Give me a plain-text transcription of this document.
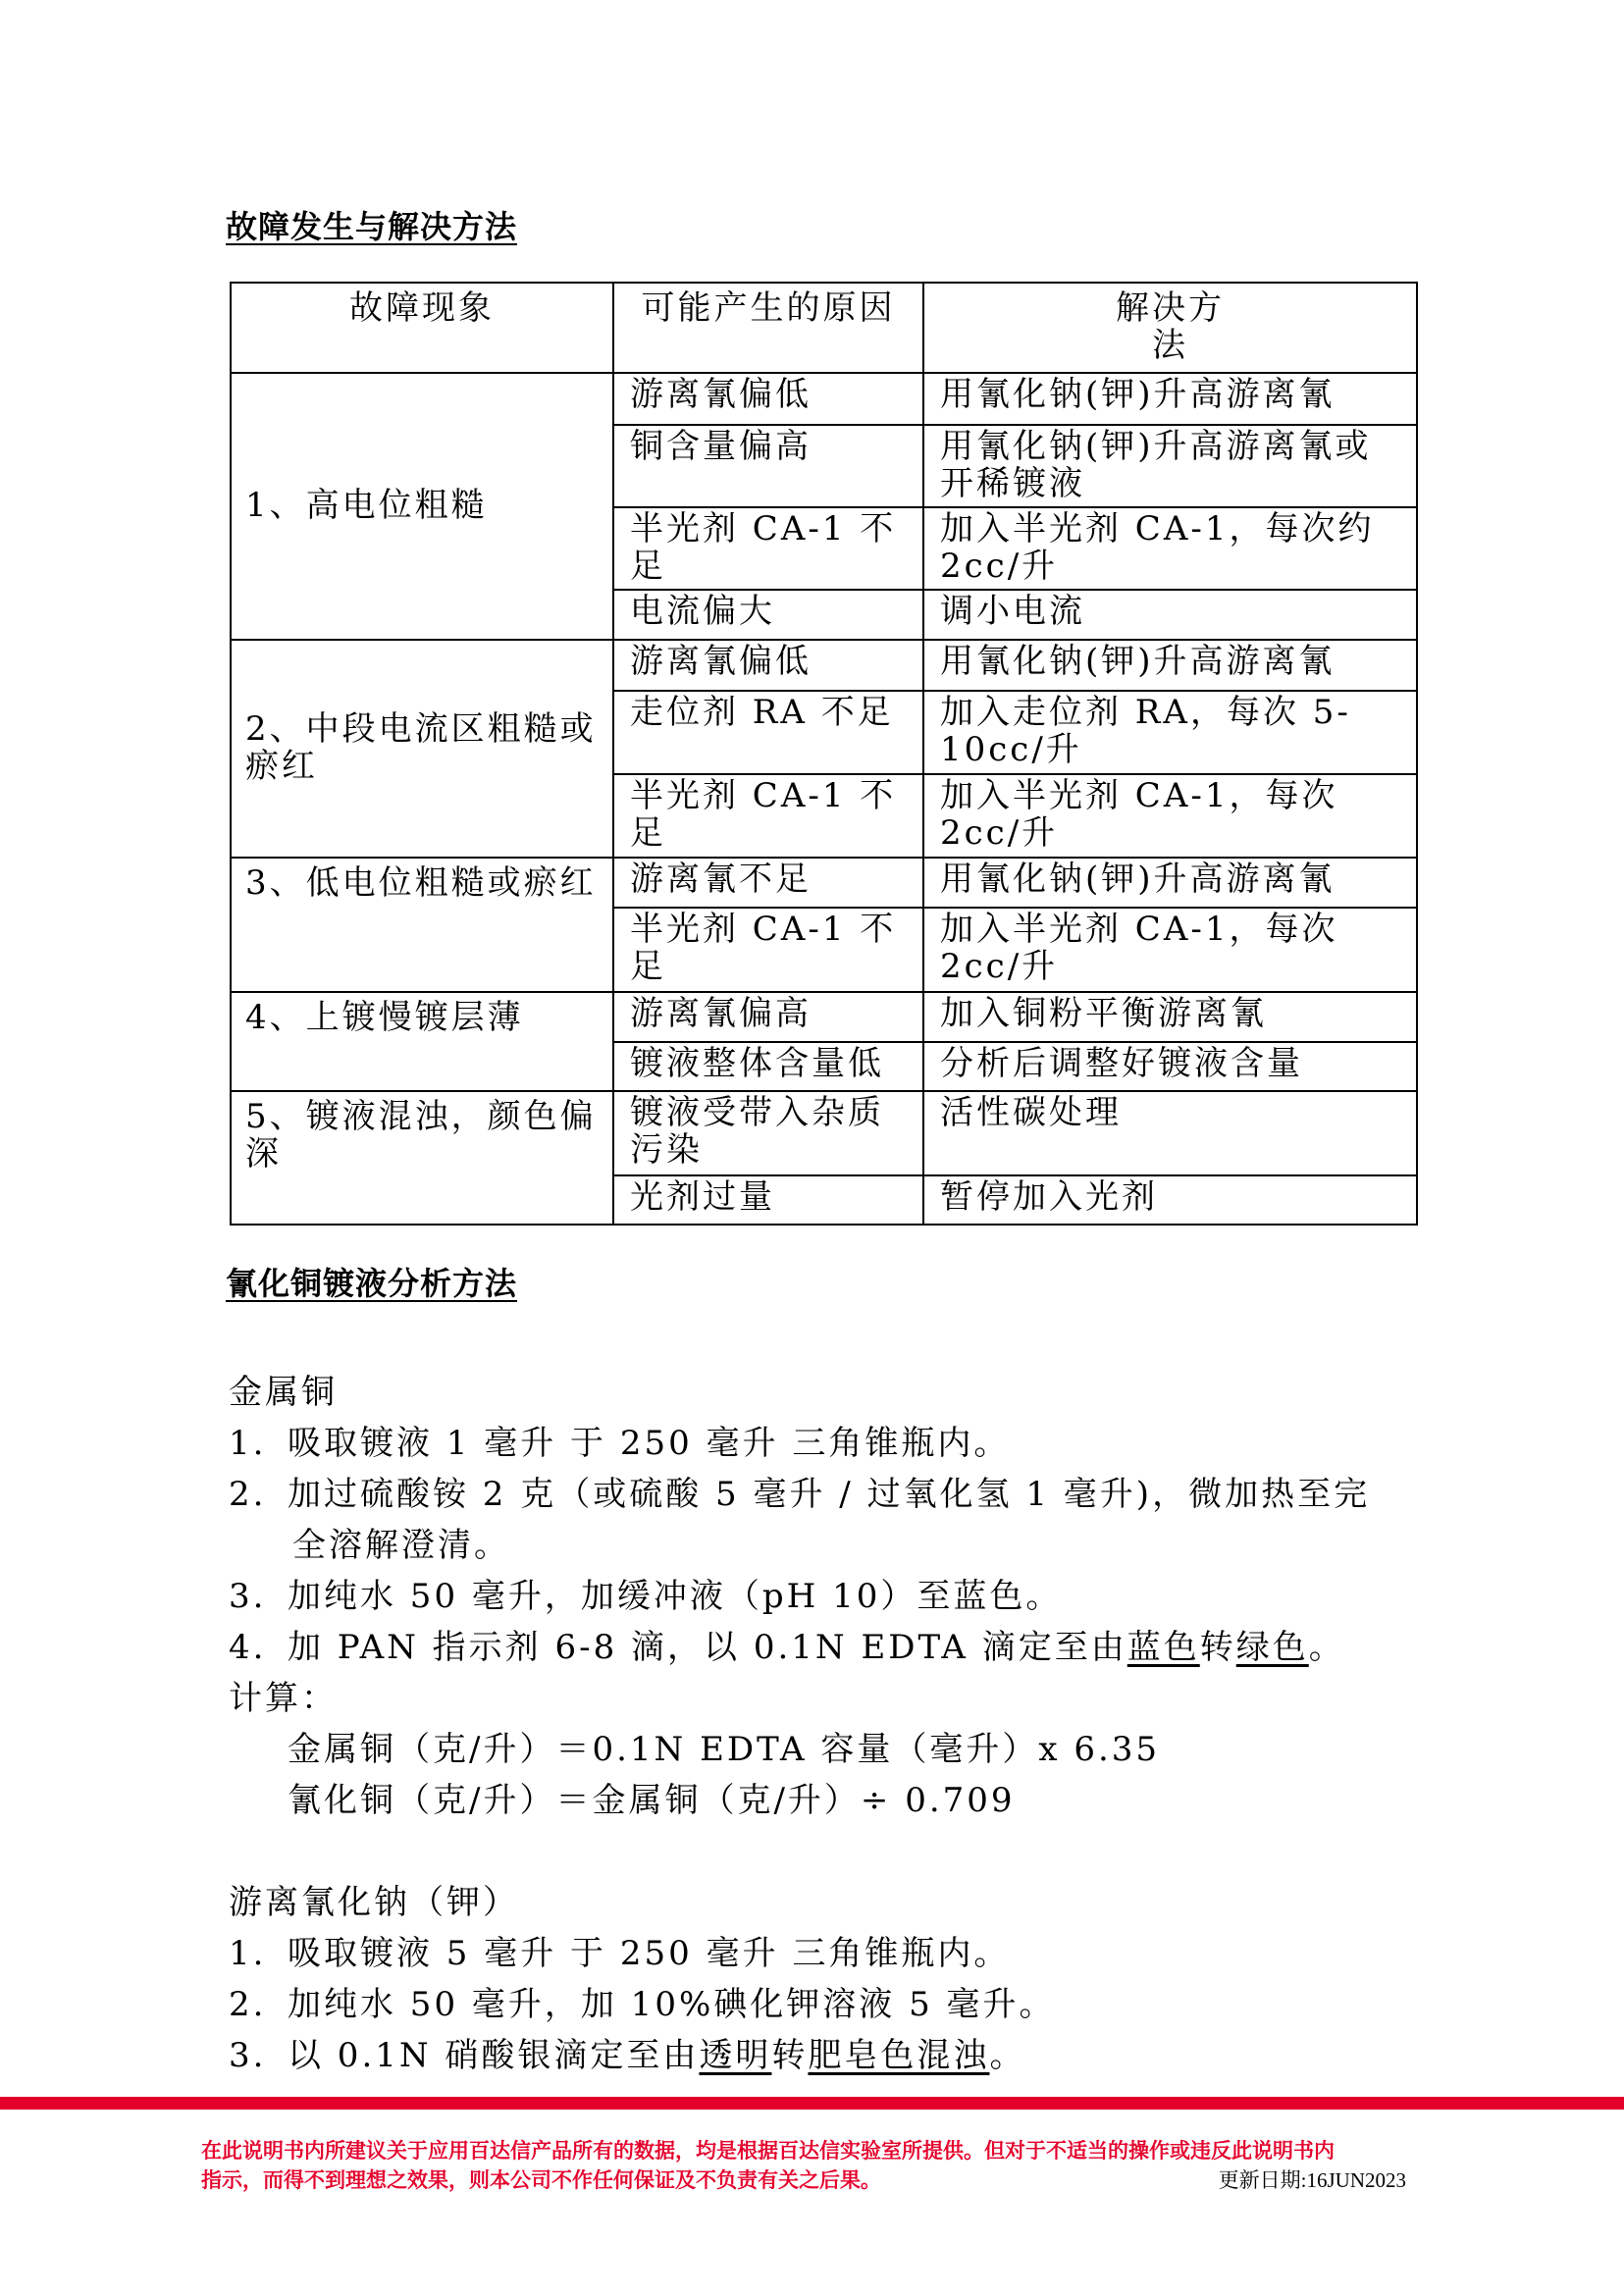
故障发生与解决方法
故障现象	可能产生的原因	解决方
法
1、高电位粗糙	游离氰偏低	用氰化钠(钾)升高游离氰
	铜含量偏高	用氰化钠(钾)升高游离氰或开稀镀液
	半光剂 CA-1 不足	加入半光剂 CA-1，每次约 2cc/升
	电流偏大	调小电流
2、中段电流区粗糙或瘀红	游离氰偏低	用氰化钠(钾)升高游离氰
	走位剂 RA 不足	加入走位剂 RA，每次 5-10cc/升
	半光剂 CA-1 不足	加入半光剂 CA-1，每次 2cc/升
3、低电位粗糙或瘀红	游离氰不足	用氰化钠(钾)升高游离氰
	半光剂 CA-1 不足	加入半光剂 CA-1，每次 2cc/升
4、上镀慢镀层薄	游离氰偏高	加入铜粉平衡游离氰
	镀液整体含量低	分析后调整好镀液含量
5、镀液混浊，颜色偏深	镀液受带入杂质污染	活性碳处理
	光剂过量	暂停加入光剂
氰化铜镀液分析方法

金属铜

1. 吸取镀液 1 毫升 于 250 毫升 三角锥瓶内。

2. 加过硫酸铵 2 克（或硫酸 5 毫升 / 过氧化氢 1 毫升)，微加热至完

全溶解澄清。

3. 加纯水 50 毫升，加缓冲液（pH 10）至蓝色。

4. 加 PAN 指示剂 6-8 滴，以 0.1N EDTA 滴定至由蓝色转绿色。

计算：

金属铜（克/升）＝0.1N EDTA 容量（毫升）x 6.35

氰化铜（克/升）＝金属铜（克/升）÷ 0.709

游离氰化钠（钾）

1. 吸取镀液 5 毫升 于 250 毫升 三角锥瓶内。

2. 加纯水 50 毫升，加 10%碘化钾溶液 5 毫升。

3. 以 0.1N 硝酸银滴定至由透明转肥皂色混浊。

在此说明书内所建议关于应用百达信产品所有的数据，均是根据百达信实验室所提供。但对于不适当的操作或违反此说明书内

指示，而得不到理想之效果，则本公司不作任何保证及不负责有关之后果。	更新日期:16JUN2023
